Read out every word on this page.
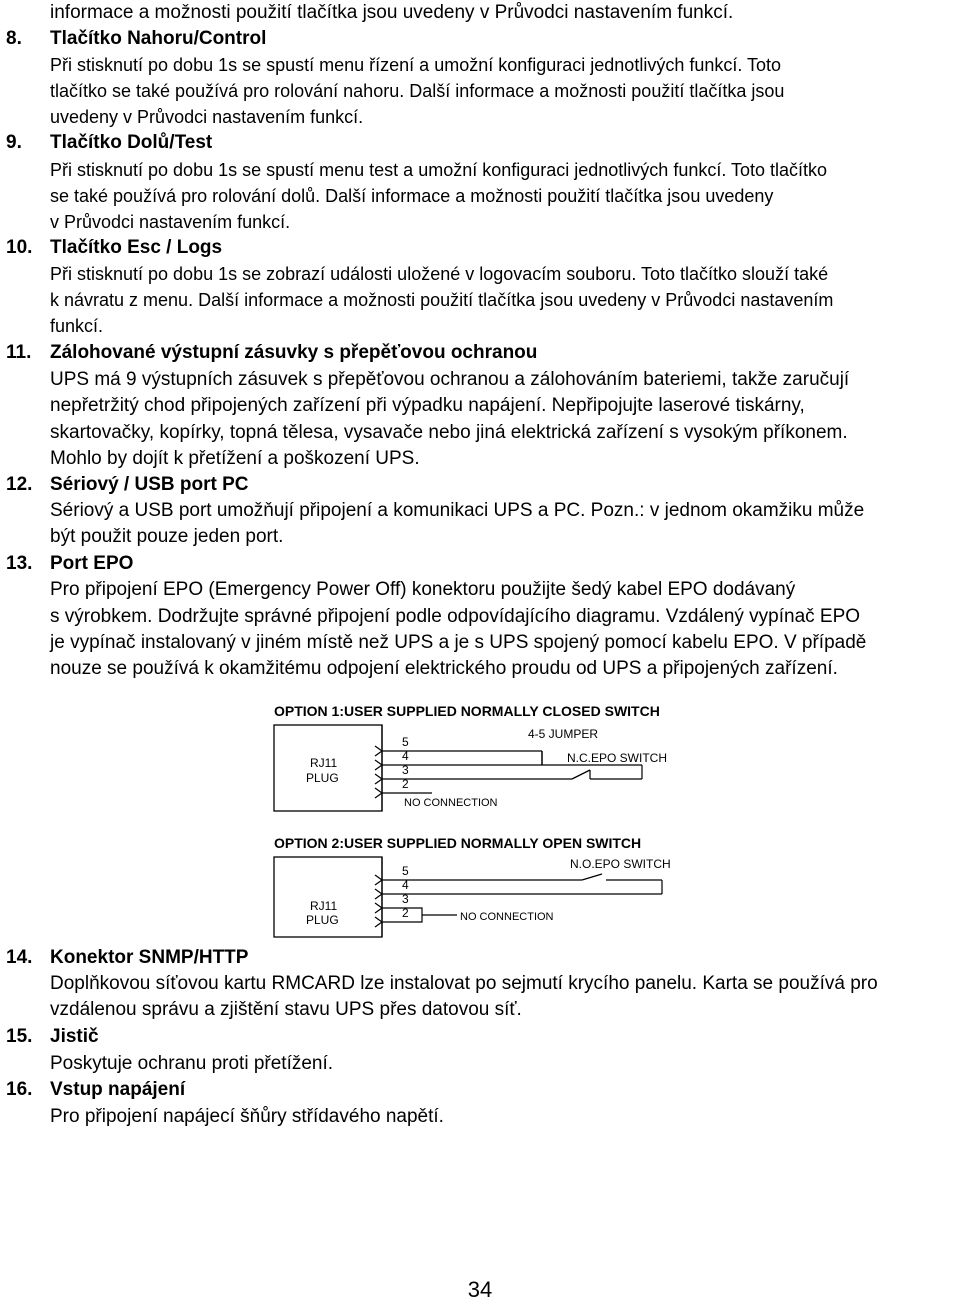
informace a možnosti použití tlačítka jsou uvedeny v Průvodci nastavením funkcí.
8.	Tlačítko Nahoru/Control
Při stisknutí po dobu 1s se spustí menu řízení a umožní konfiguraci jednotlivých funkcí. Toto
tlačítko se také používá pro rolování nahoru. Další informace a možnosti použití tlačítka jsou
uvedeny v Průvodci nastavením funkcí.
9.	Tlačítko Dolů/Test
Při stisknutí po dobu 1s se spustí menu test a umožní konfiguraci jednotlivých funkcí. Toto tlačítko
se také používá pro rolování dolů. Další informace a možnosti použití tlačítka jsou uvedeny
v Průvodci nastavením funkcí.
10. Tlačítko Esc / Logs
Při stisknutí po dobu 1s se zobrazí události uložené v logovacím souboru. Toto tlačítko slouží také
k návratu z menu. Další informace a možnosti použití tlačítka jsou uvedeny v Průvodci nastavením
funkcí.
11. Zálohované výstupní zásuvky s přepěťovou ochranou
UPS má 9 výstupních zásuvek s přepěťovou ochranou a zálohováním bateriemi, takže zaručují
nepřetržitý chod připojených zařízení při výpadku napájení. Nepřipojujte laserové tiskárny,
skartovačky, kopírky, topná tělesa, vysavače nebo jiná elektrická zařízení s vysokým příkonem.
Mohlo by dojít k přetížení a poškození UPS.
12. Sériový / USB port PC
Sériový a USB port umožňují připojení a komunikaci UPS a PC. Pozn.: v jednom okamžiku může
být použit pouze jeden port.
13. Port EPO
Pro připojení EPO (Emergency Power Off) konektoru použijte šedý kabel EPO dodávaný
s výrobkem. Dodržujte správné připojení podle odpovídajícího diagramu. Vzdálený vypínač EPO
je vypínač instalovaný v jiném místě než UPS a je s UPS spojený pomocí kabelu EPO. V případě
nouze se používá k okamžitému odpojení elektrického proudu od UPS a připojených zařízení.
OPTION 1:USER SUPPLIED NORMALLY CLOSED SWITCH
RJ11
PLUG
5
4
3
2
NO CONNECTION
4-5 JUMPER
N.C.EPO SWITCH
OPTION 2:USER SUPPLIED NORMALLY OPEN SWITCH
RJ11
PLUG
5
4
3
2	NO CONNECTION
N.O.EPO SWITCH
14. Konektor SNMP/HTTP
Doplňkovou síťovou kartu RMCARD lze instalovat po sejmutí krycího panelu. Karta se používá pro
vzdálenou správu a zjištění stavu UPS přes datovou síť.
15. Jistič
Poskytuje ochranu proti přetížení.
16. Vstup napájení
Pro připojení napájecí šňůry střídavého napětí.
34
